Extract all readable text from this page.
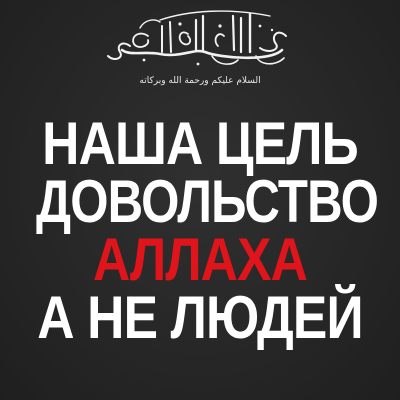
السلام عليكم ورحمة الله وبركاته
НАША ЦЕЛЬ
ДОВОЛЬСТВО
АЛЛАХА
А НЕ ЛЮДЕЙ
